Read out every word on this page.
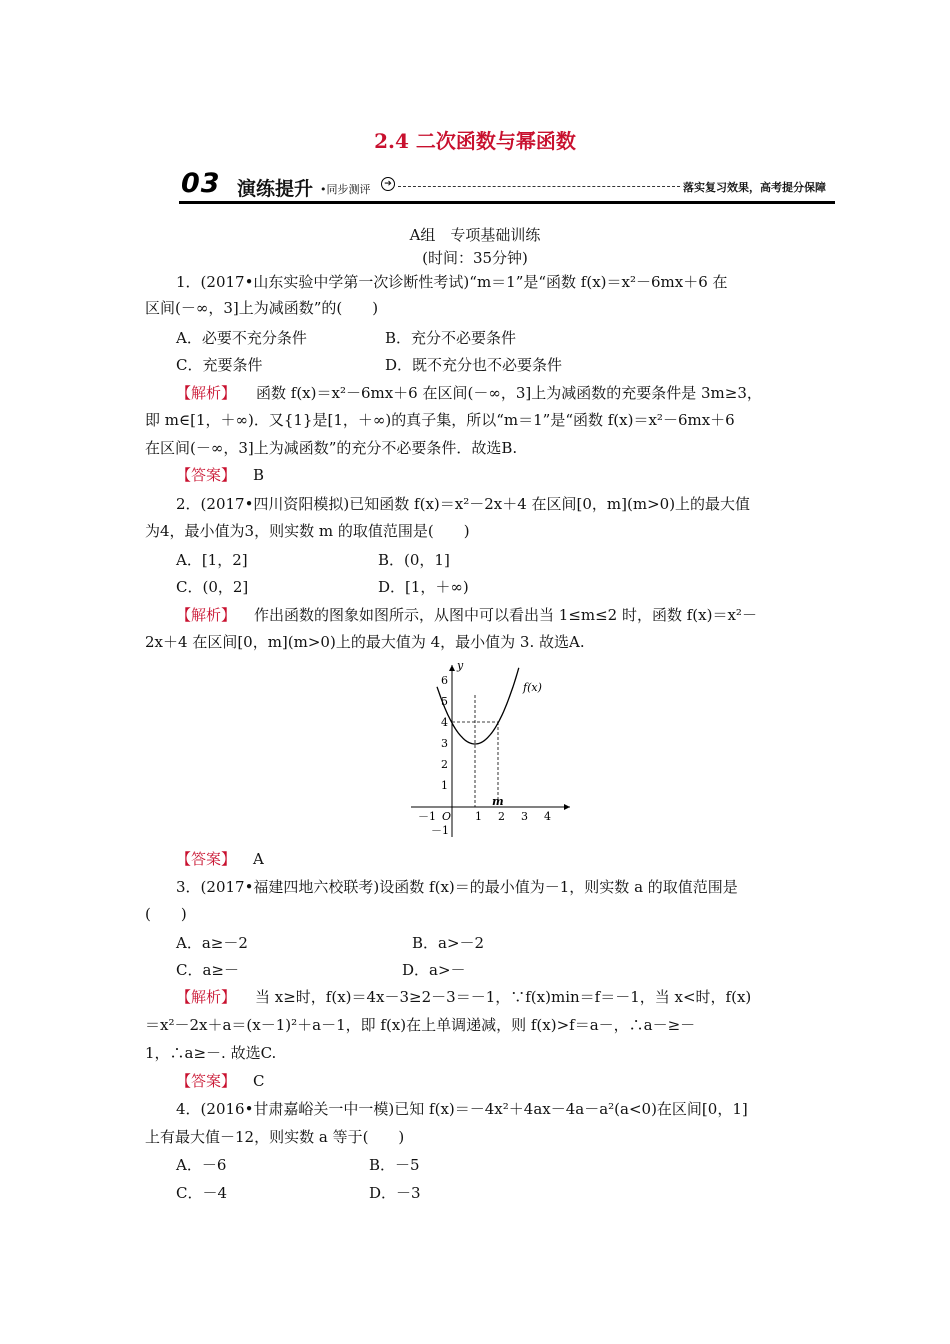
2.4 二次函数与幂函数
03 演练提升 •同步测评	➔	落实复习效果，高考提分保障
A组　专项基础训练
(时间：35分钟)
1．(2017•山东实验中学第一次诊断性考试)“m＝1”是“函数 f(x)＝x²－6mx＋6 在
区间(－∞，3]上为减函数”的(　　)
A．必要不充分条件	B．充分不必要条件
C．充要条件	D．既不充分也不必要条件
【解析】 函数 f(x)＝x²－6mx＋6 在区间(－∞，3]上为减函数的充要条件是 3m≥3，
即 m∈[1，＋∞)．又{1}是[1，＋∞)的真子集，所以“m＝1”是“函数 f(x)＝x²－6mx＋6
在区间(－∞，3]上为减函数”的充分不必要条件．故选B.
【答案】 B
2．(2017•四川资阳模拟)已知函数 f(x)＝x²－2x＋4 在区间[0，m](m>0)上的最大值
为4，最小值为3，则实数 m 的取值范围是(　　)
A．[1，2]	B．(0，1]
C．(0，2]	D．[1，＋∞)
【解析】 作出函数的图象如图所示，从图中可以看出当 1≤m≤2 时，函数 f(x)＝x²－
2x＋4 在区间[0，m](m>0)上的最大值为 4，最小值为 3. 故选A.
y
O
－1	1 2 3 4
－1
1
2
3
4
5
6
f(x)
m
【答案】 A
3．(2017•福建四地六校联考)设函数 f(x)＝的最小值为－1，则实数 a 的取值范围是
(　　)
A．a≥－2	B．a>－2
C．a≥－	D．a>－
【解析】 当 x≥时，f(x)＝4x－3≥2－3＝－1，∵f(x)min＝f＝－1，当 x<时，f(x)
＝x²－2x＋a＝(x－1)²＋a－1，即 f(x)在上单调递减，则 f(x)>f＝a－，∴a－≥－
1，∴a≥－. 故选C.
【答案】 C
4．(2016•甘肃嘉峪关一中一模)已知 f(x)＝－4x²＋4ax－4a－a²(a<0)在区间[0，1]
上有最大值－12，则实数 a 等于(　　)
A．－6	B．－5
C．－4	D．－3
